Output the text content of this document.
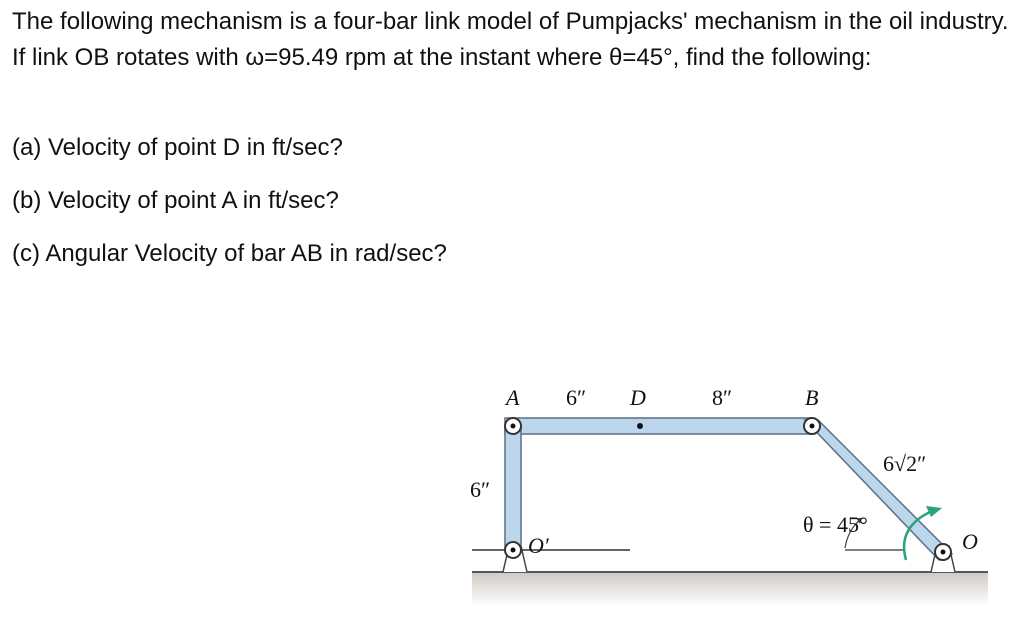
The following mechanism is a four-bar link model of Pumpjacks' mechanism in the oil industry. If link OB rotates with ω=95.49 rpm at the instant where θ=45°, find the following:

(a) Velocity of point D in ft/sec?

(b) Velocity of point A in ft/sec?

(c) Angular Velocity of bar AB in rad/sec?

A 6″ D	8″	B
6″
O′
6√2″
θ = 45°
O
